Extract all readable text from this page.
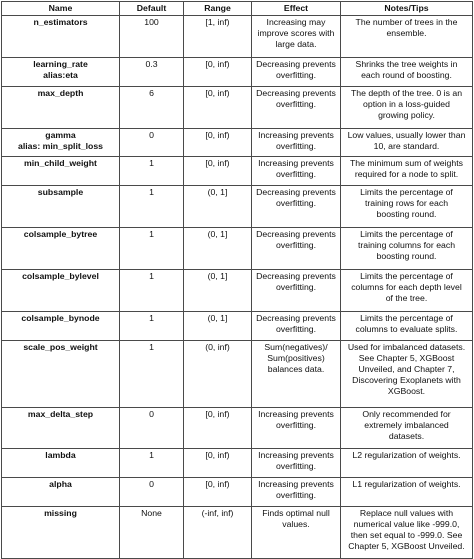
Name	Default	Range	Effect	Notes/Tips

n_estimators	100	[1, inf)	Increasing may
improve scores with
large data.	The number of trees in the
ensemble.

learning_rate
alias:eta	0.3	[0, inf)	Decreasing prevents
overfitting.	Shrinks the tree weights in
each round of boosting.

max_depth	6	[0, inf)	Decreasing prevents
overfitting.	The depth of the tree. 0 is an
option in a loss-guided
growing policy.

gamma
alias: min_split_loss	0	[0, inf)	Increasing prevents
overfitting.	Low values, usually lower than
10, are standard.

min_child_weight	1	[0, inf)	Increasing prevents
overfitting.	The minimum sum of weights
required for a node to split.

subsample	1	(0, 1]	Decreasing prevents
overfitting.	Limits the percentage of
training rows for each
boosting round.

colsample_bytree	1	(0, 1]	Decreasing prevents
overfitting.	Limits the percentage of
training columns for each
boosting round.

colsample_bylevel	1	(0, 1]	Decreasing prevents
overfitting.	Limits the percentage of
columns for each depth level
of the tree.

colsample_bynode	1	(0, 1]	Decreasing prevents
overfitting.	Limits the percentage of
columns to evaluate splits.

scale_pos_weight	1	(0, inf)	Sum(negatives)/
Sum(positives)
balances data.	Used for imbalanced datasets.
See Chapter 5, XGBoost
Unveiled, and Chapter 7,
Discovering Exoplanets with
XGBoost.

max_delta_step	0	[0, inf)	Increasing prevents
overfitting.	Only recommended for
extremely imbalanced
datasets.

lambda	1	[0, inf)	Increasing prevents
overfitting.	L2 regularization of weights.

alpha	0	[0, inf)	Increasing prevents
overfitting.	L1 regularization of weights.

missing	None	(-inf, inf)	Finds optimal null
values.	Replace null values with
numerical value like -999.0,
then set equal to -999.0. See
Chapter 5, XGBoost Unveiled.
